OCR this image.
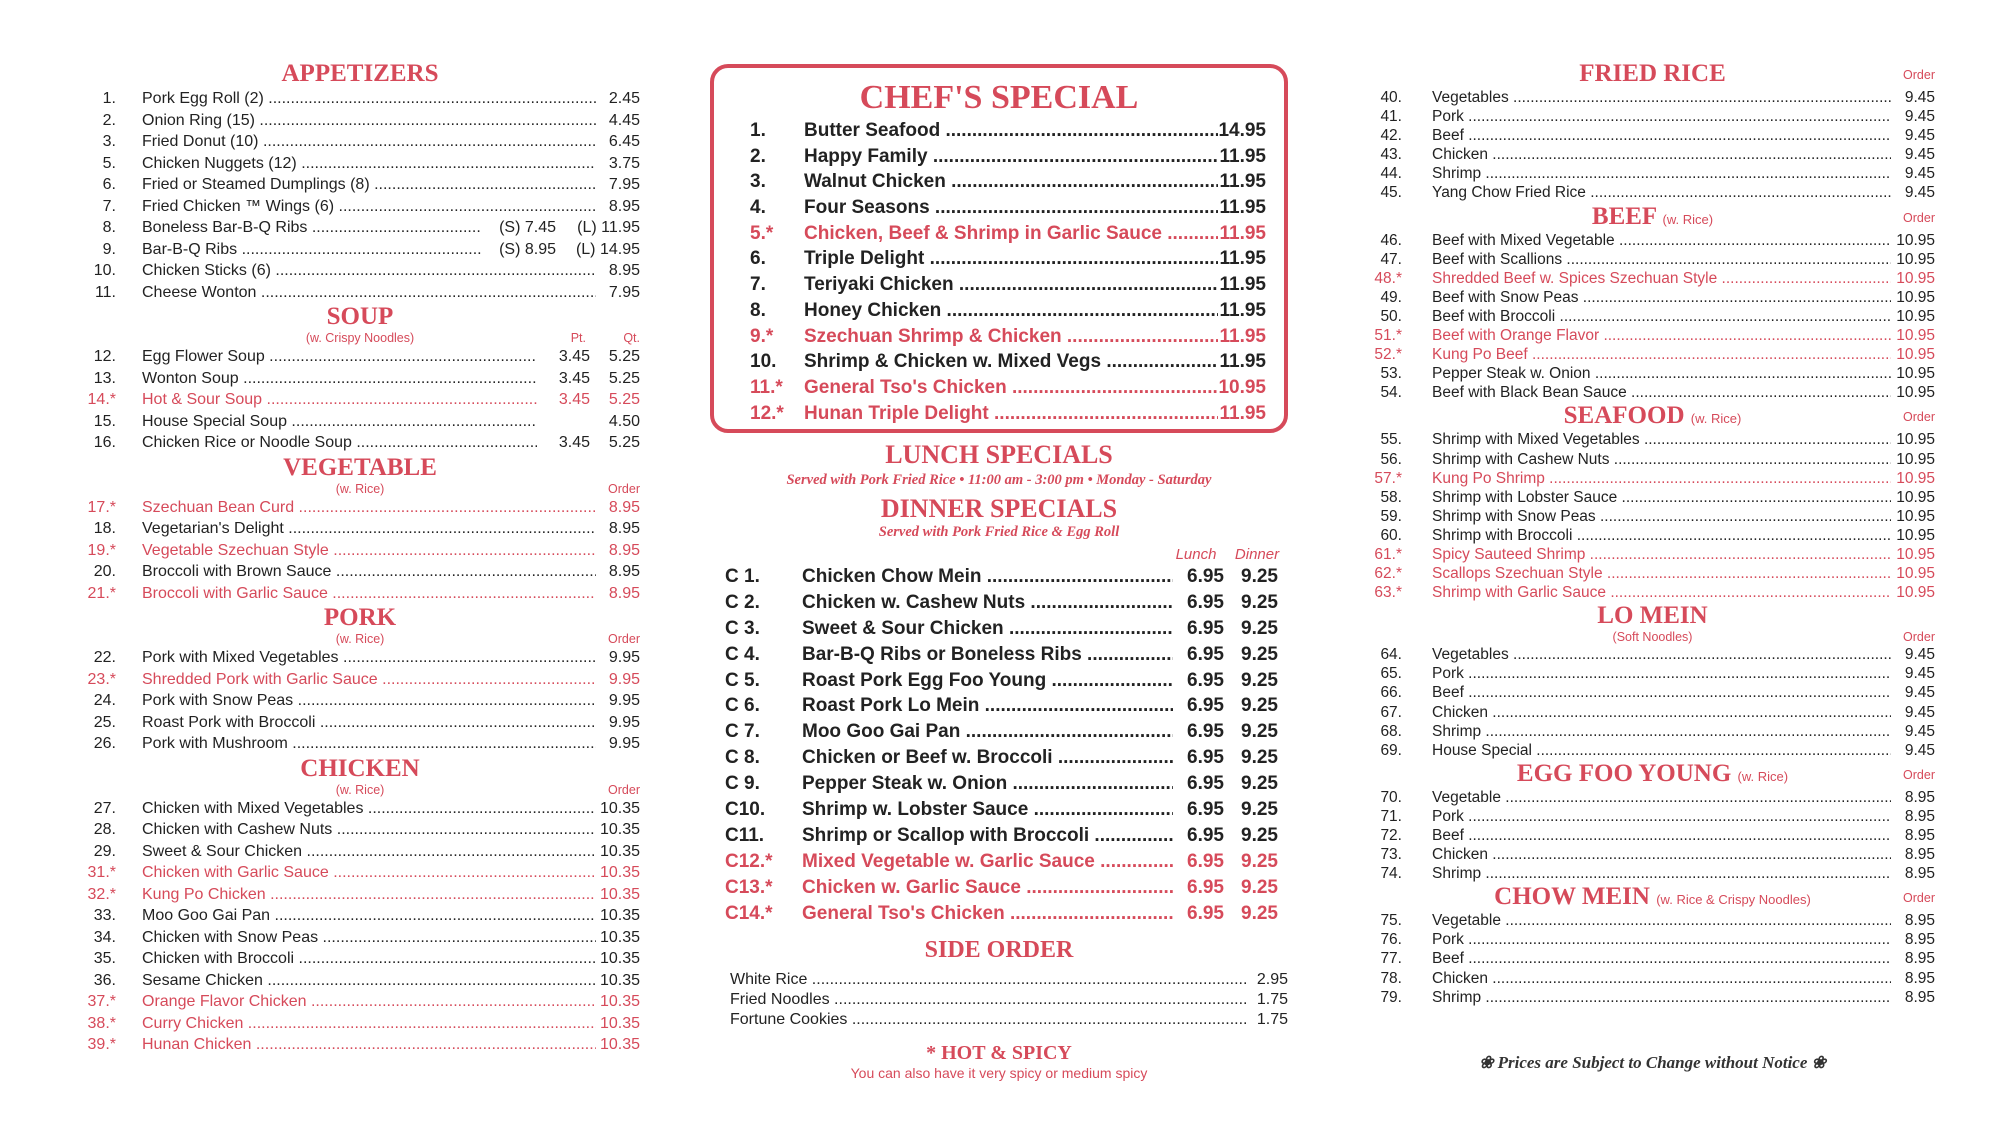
APPETIZERS
1. Pork Egg Roll (2) .....	2.45
2. Onion Ring (15) .....	4.45
3. Fried Donut (10) .....	6.45
5. Chicken Nuggets (12) .....	3.75
6. Fried or Steamed Dumplings (8) .....	7.95
7. Fried Chicken ™ Wings (6) .....	8.95
8. Boneless Bar-B-Q Ribs .....	(S) 7.45	(L) 11.95
9. Bar-B-Q Ribs .....	(S) 8.95	(L) 14.95
10. Chicken Sticks (6) .....	8.95
11. Cheese Wonton .....	7.95
SOUP
(w. Crispy Noodles)	Pt.	Qt.
12. Egg Flower Soup .....	3.45	5.25
13. Wonton Soup .....	3.45	5.25
14.* Hot & Sour Soup .....	3.45	5.25
15. House Special Soup .....	4.50
16. Chicken Rice or Noodle Soup .....	3.45	5.25
VEGETABLE
(w. Rice)	Order
17.* Szechuan Bean Curd .....	8.95
18. Vegetarian's Delight .....	8.95
19.* Vegetable Szechuan Style .....	8.95
20. Broccoli with Brown Sauce .....	8.95
21.* Broccoli with Garlic Sauce .....	8.95
PORK
(w. Rice)	Order
22. Pork with Mixed Vegetables .....	9.95
23.* Shredded Pork with Garlic Sauce .....	9.95
24. Pork with Snow Peas .....	9.95
25. Roast Pork with Broccoli .....	9.95
26. Pork with Mushroom .....	9.95
CHICKEN
(w. Rice)	Order
27. Chicken with Mixed Vegetables .....	10.35
28. Chicken with Cashew Nuts .....	10.35
29. Sweet & Sour Chicken .....	10.35
31.* Chicken with Garlic Sauce .....	10.35
32.* Kung Po Chicken .....	10.35
33. Moo Goo Gai Pan .....	10.35
34. Chicken with Snow Peas .....	10.35
35. Chicken with Broccoli .....	10.35
36. Sesame Chicken .....	10.35
37.* Orange Flavor Chicken .....	10.35
38.* Curry Chicken .....	10.35
39.* Hunan Chicken .....	10.35
CHEF'S SPECIAL
1.	Butter Seafood .....	14.95
2.	Happy Family .....	11.95
3.	Walnut Chicken .....	11.95
4.	Four Seasons .....	11.95
5.*	Chicken, Beef & Shrimp in Garlic Sauce .....	11.95
6.	Triple Delight .....	11.95
7.	Teriyaki Chicken .....	11.95
8.	Honey Chicken .....	11.95
9.*	Szechuan Shrimp & Chicken .....	11.95
10.	Shrimp & Chicken w. Mixed Vegs .....	11.95
11.*	General Tso's Chicken .....	10.95
12.*	Hunan Triple Delight .....	11.95
LUNCH SPECIALS
Served with Pork Fried Rice • 11:00 am - 3:00 pm • Monday - Saturday
DINNER SPECIALS
Served with Pork Fried Rice & Egg Roll
Lunch	Dinner
C 1.	Chicken Chow Mein .....	6.95 9.25
C 2.	Chicken w. Cashew Nuts .....	6.95 9.25
C 3.	Sweet & Sour Chicken .....	6.95 9.25
C 4.	Bar-B-Q Ribs or Boneless Ribs .....	6.95 9.25
C 5.	Roast Pork Egg Foo Young .....	6.95 9.25
C 6.	Roast Pork Lo Mein .....	6.95 9.25
C 7.	Moo Goo Gai Pan .....	6.95 9.25
C 8.	Chicken or Beef w. Broccoli .....	6.95 9.25
C 9.	Pepper Steak w. Onion .....	6.95 9.25
C10.	Shrimp w. Lobster Sauce .....	6.95 9.25
C11.	Shrimp or Scallop with Broccoli .....	6.95 9.25
C12.*	Mixed Vegetable w. Garlic Sauce .....	6.95 9.25
C13.*	Chicken w. Garlic Sauce .....	6.95 9.25
C14.*	General Tso's Chicken .....	6.95 9.25
SIDE ORDER
White Rice .....	2.95
Fried Noodles .....	1.75
Fortune Cookies .....	1.75
* HOT & SPICY
You can also have it very spicy or medium spicy
FRIED RICE	Order
40. Vegetables .....	9.45
41. Pork .....	9.45
42. Beef .....	9.45
43. Chicken .....	9.45
44. Shrimp .....	9.45
45. Yang Chow Fried Rice .....	9.45
BEEF (w. Rice)	Order
46. Beef with Mixed Vegetable .....	10.95
47. Beef with Scallions .....	10.95
48.* Shredded Beef w. Spices Szechuan Style .....	10.95
49. Beef with Snow Peas .....	10.95
50. Beef with Broccoli .....	10.95
51.* Beef with Orange Flavor .....	10.95
52.* Kung Po Beef .....	10.95
53. Pepper Steak w. Onion .....	10.95
54. Beef with Black Bean Sauce .....	10.95
SEAFOOD (w. Rice)	Order
55. Shrimp with Mixed Vegetables .....	10.95
56. Shrimp with Cashew Nuts .....	10.95
57.* Kung Po Shrimp .....	10.95
58. Shrimp with Lobster Sauce .....	10.95
59. Shrimp with Snow Peas .....	10.95
60. Shrimp with Broccoli .....	10.95
61.* Spicy Sauteed Shrimp .....	10.95
62.* Scallops Szechuan Style .....	10.95
63.* Shrimp with Garlic Sauce .....	10.95
LO MEIN
(Soft Noodles)	Order
64. Vegetables .....	9.45
65. Pork .....	9.45
66. Beef .....	9.45
67. Chicken .....	9.45
68. Shrimp .....	9.45
69. House Special .....	9.45
EGG FOO YOUNG (w. Rice)	Order
70. Vegetable .....	8.95
71. Pork .....	8.95
72. Beef .....	8.95
73. Chicken .....	8.95
74. Shrimp .....	8.95
CHOW MEIN (w. Rice & Crispy Noodles)	Order
75. Vegetable .....	8.95
76. Pork .....	8.95
77. Beef .....	8.95
78. Chicken .....	8.95
79. Shrimp .....	8.95
❀ Prices are Subject to Change without Notice ❀
